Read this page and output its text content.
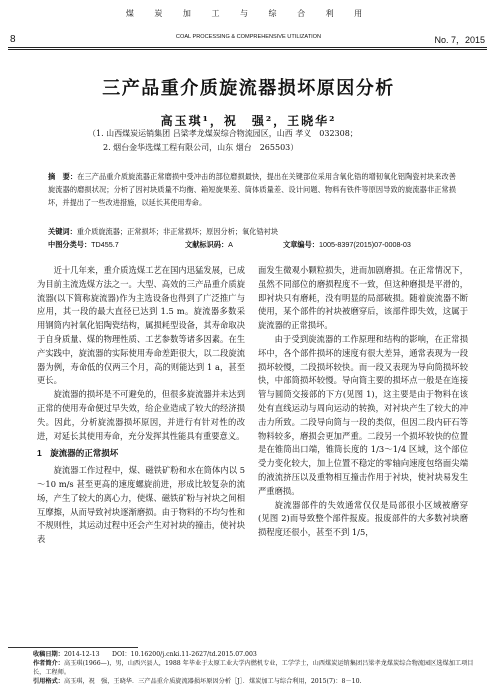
煤 炭 加 工 与 综 合 利 用
8	COAL PROCESSING & COMPREHENSIVE UTILIZATION	No. 7，2015
三产品重介质旋流器损坏原因分析
高玉琪¹，祝　强²，王晓华²
（1. 山西煤炭运销集团 吕梁孝龙煤炭综合物流园区，山西 孝义　032308；
2. 烟台金华选煤工程有限公司，山东 烟台　265503）
摘　要：在三产品重介质旋流器正常磨损中受冲击的部位磨损最快，提出在关键部位采用含氧化锆的增韧氧化铝陶瓷衬块来改善旋流器的磨损状况；分析了因衬块质量不均衡、箱短旋果差、筒体质量差、设计问题、物料有铁件等原因导致的旋流器非正常损坏，并提出了一些改进措施，以延长其使用寿命。
关键词：重介质旋流器；正常损坏；非正常损坏；原因分析；氧化锆衬块
中图分类号：TD455.7	文献标识码：A	文章编号：1005-8397(2015)07-0008-03

近十几年来，重介质选煤工艺在国内迅猛发展，已成为目前主流选煤方法之一。大型、高效的三产品重介质旋流器(以下简称旋流器)作为主选设备也得到了广泛推广与应用，其一段的最大直径已达到 1.5 m。旋流器多数采用钢筒内衬氧化铝陶瓷结构，属损耗型设备，其寿命取决于自身质量、煤的物理性质、工艺参数等诸多因素。在生产实践中，旋流器的实际使用寿命差距很大，以二段旋流器为例，寿命低的仅两三个月，高的则能达到 1 a，甚至更长。

旋流器的损坏是不可避免的，但很多旋流器并未达到正常的使用寿命便过早失效，给企业造成了较大的经济损失。因此，分析旋流器损坏原因，并进行有针对性的改进，对延长其使用寿命，充分发挥其性能具有重要意义。

1　旋流器的正常损坏

旋流器工作过程中，煤、磁铁矿粉和水在筒体内以 5～10 m/s 甚至更高的速度螺旋前进，形成比较复杂的流场，产生了较大的离心力，使煤、磁铁矿粉与衬块之间相互摩擦，从而导致衬块逐渐磨损。由于物料的不均匀性和不规则性，其运动过程中还会产生对衬块的撞击，使衬块表

面发生微观小颗粒损失，进而加剧磨损。在正常情况下，虽然不同部位的磨损程度不一致，但这种磨损是平滑的，即衬块只有磨耗，没有明显的局部破损。随着旋流器不断使用，某个部件的衬块被磨穿后，该部件即失效，这属于旋流器的正常损坏。

由于受到旋流器的工作原理和结构的影响，在正常损坏中，各个部件损坏的速度有很大差异，通常表现为一段损坏较慢，二段损坏较快。而一段又表现为导向筒损坏较快，中部筒损坏较慢。导向筒主要的损坏点一般是在连接管与圆筒交接部的下方(见图 1)，这主要是由于物料在该处有直线运动与周向运动的转换，对衬块产生了较大的冲击力所致。二段导向筒与一段的类似，但因二段内矸石等物料较多，磨损会更加严重。二段另一个损坏较快的位置是在锥筒出口端，锥筒长度的 1/3～1/4 区域，这个部位受力变化较大，加上位置不稳定的零轴向速度包络面尖端的液流挤压以及重物相互撞击作用于衬块，使衬块易发生严重磨损。

旋流器部件的失效通常仅仅是局部很小区域被磨穿(见图 2)而导致整个部件报废。报废部件的大多数衬块磨损程度还很小，甚至不到 1/5，

收稿日期：2014-12-13　　DOI：10.16200/j.cnki.11-2627/td.2015.07.003
作者简介：高玉琪(1966—)，男，山西兴县人，1988 年毕业于太原工业大学内燃机专业，工学学士，山西煤炭运销集团吕梁孝龙煤炭综合物流园区选煤加工项目长，工程师。
引用格式：高玉琪，祝　强，王晓华．三产品重介质旋流器损坏原因分析［J］．煤炭加工与综合利用，2015(7)：8－10.
